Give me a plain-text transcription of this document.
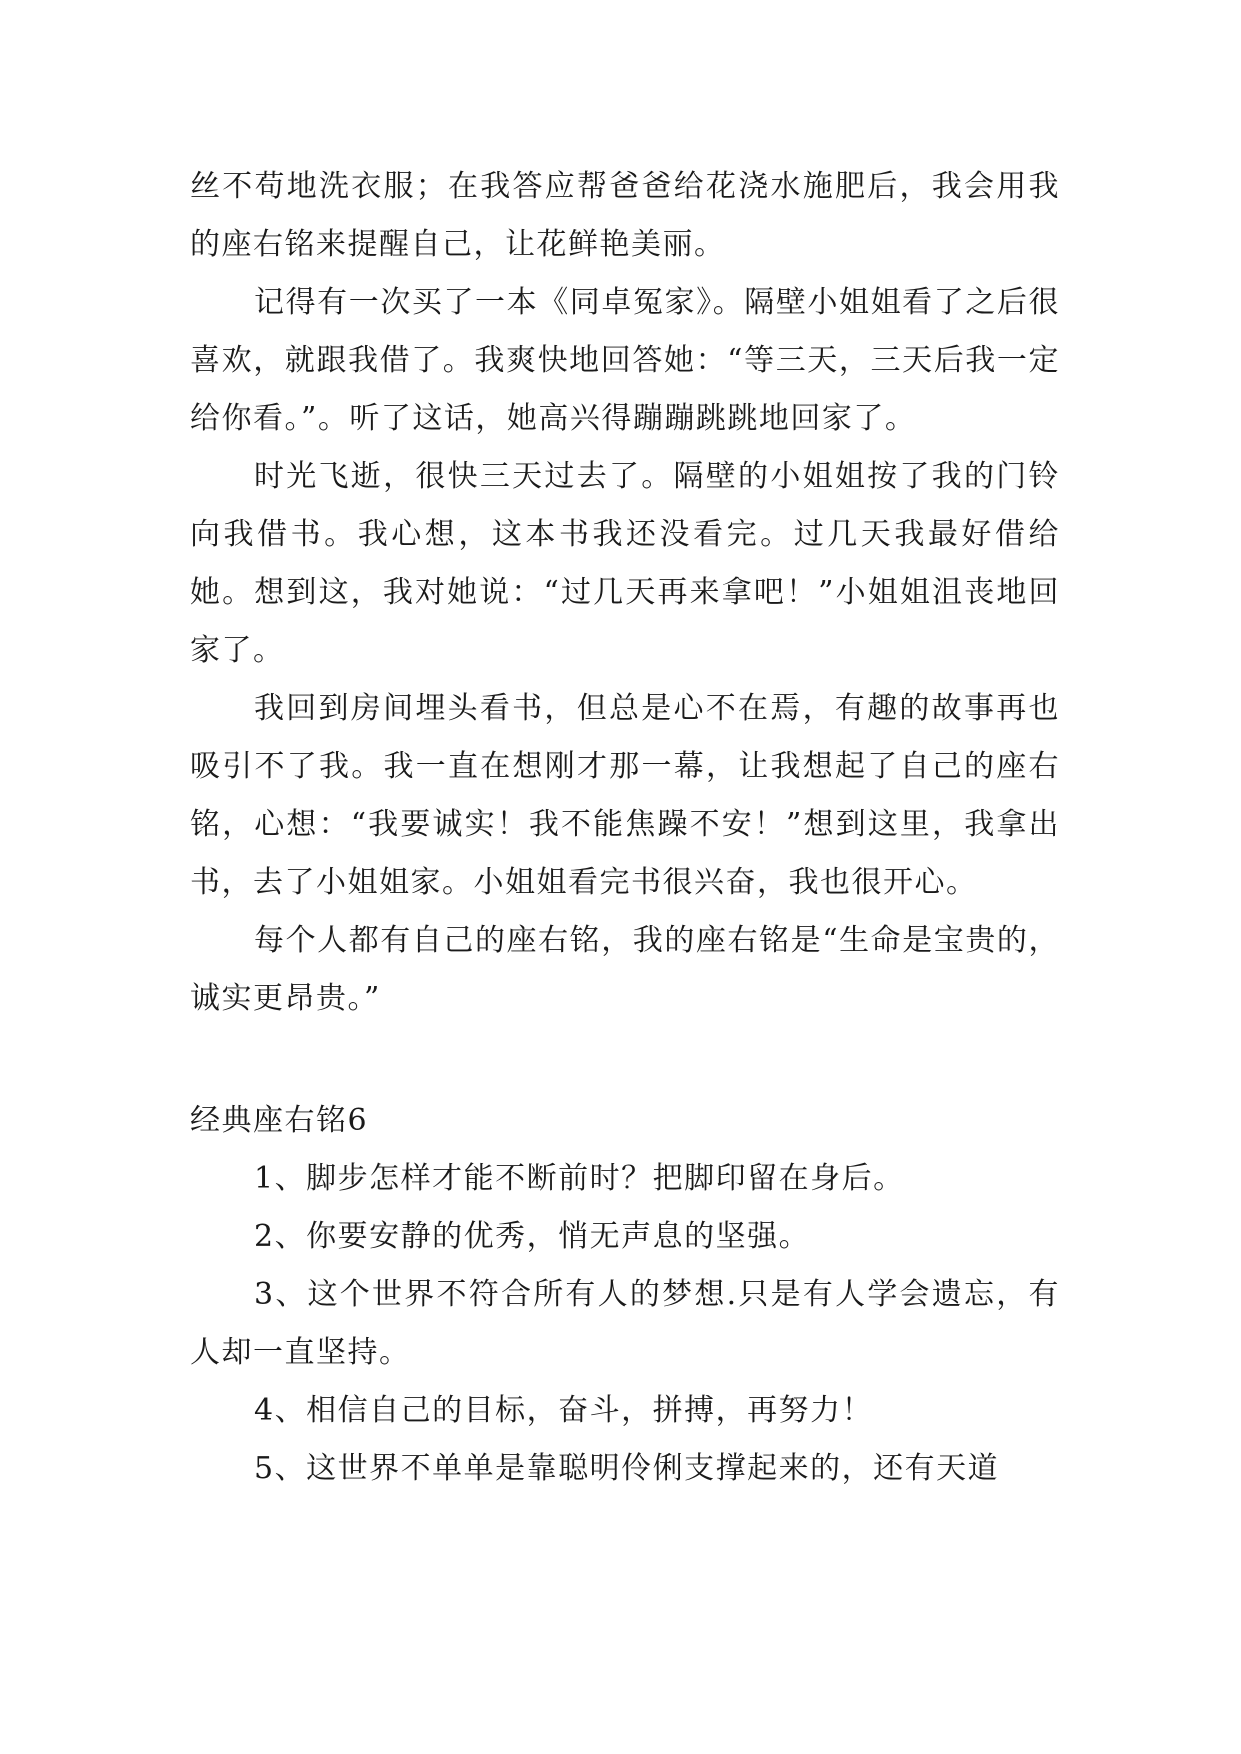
丝不苟地洗衣服；在我答应帮爸爸给花浇水施肥后，我会用我的座右铭来提醒自己，让花鲜艳美丽。

记得有一次买了一本《同卓冤家》。隔壁小姐姐看了之后很喜欢，就跟我借了。我爽快地回答她：“等三天，三天后我一定给你看。”。听了这话，她高兴得蹦蹦跳跳地回家了。

时光飞逝，很快三天过去了。隔壁的小姐姐按了我的门铃向我借书。我心想，这本书我还没看完。过几天我最好借给她。想到这，我对她说：“过几天再来拿吧！”小姐姐沮丧地回家了。

我回到房间埋头看书，但总是心不在焉，有趣的故事再也吸引不了我。我一直在想刚才那一幕，让我想起了自己的座右铭，心想：“我要诚实！我不能焦躁不安！”想到这里，我拿出书，去了小姐姐家。小姐姐看完书很兴奋，我也很开心。

每个人都有自己的座右铭，我的座右铭是“生命是宝贵的，诚实更昂贵。”

经典座右铭6

1、脚步怎样才能不断前时？把脚印留在身后。

2、你要安静的优秀，悄无声息的坚强。

3、这个世界不符合所有人的梦想.只是有人学会遗忘，有人却一直坚持。

4、相信自己的目标，奋斗，拼搏，再努力！

5、这世界不单单是靠聪明伶俐支撑起来的，还有天道
